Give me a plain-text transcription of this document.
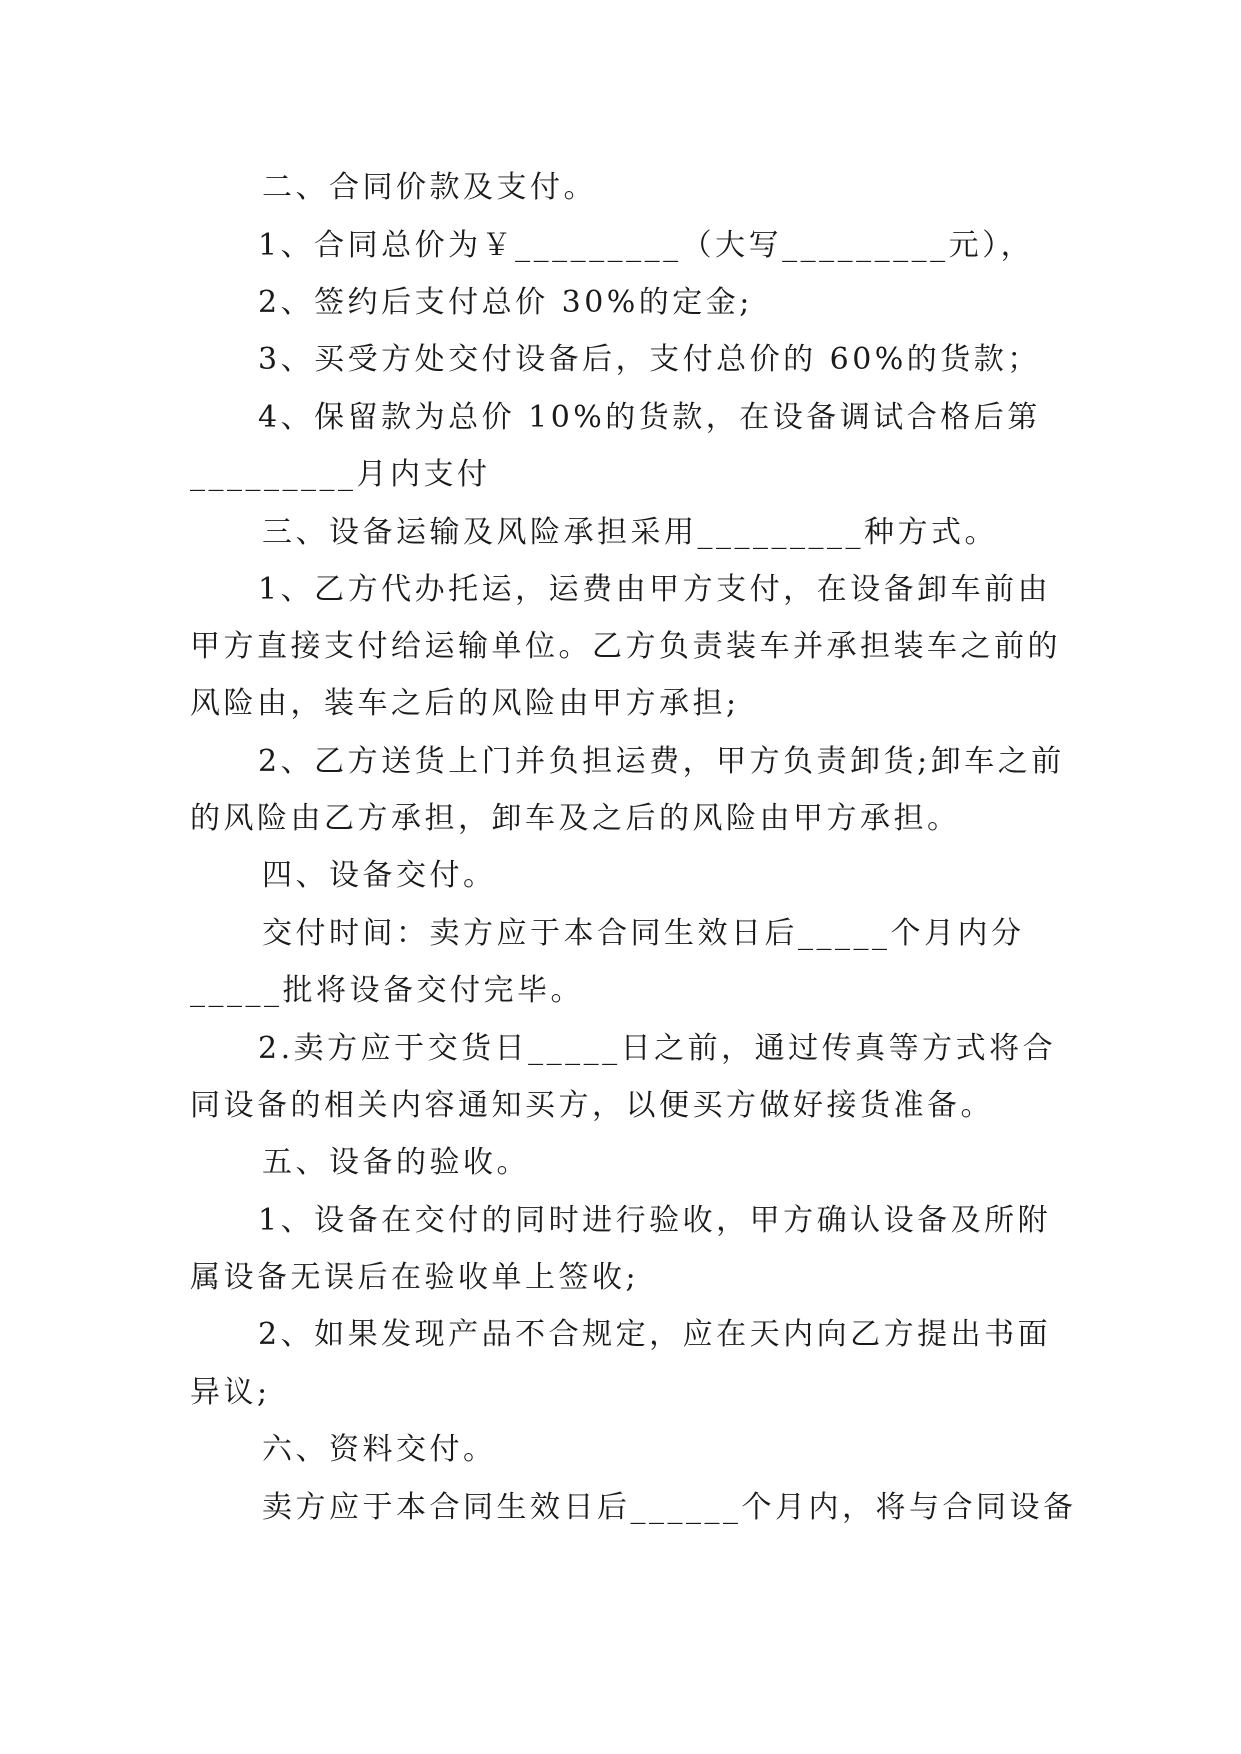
二、合同价款及支付。
1、合同总价为￥_________（大写_________元），
2、签约后支付总价 30%的定金;
3、买受方处交付设备后，支付总价的 60%的货款；
4、保留款为总价 10%的货款，在设备调试合格后第
_________月内支付
三、设备运输及风险承担采用_________种方式。
1、乙方代办托运，运费由甲方支付，在设备卸车前由
甲方直接支付给运输单位。乙方负责装车并承担装车之前的
风险由，装车之后的风险由甲方承担;
2、乙方送货上门并负担运费，甲方负责卸货;卸车之前
的风险由乙方承担，卸车及之后的风险由甲方承担。
四、设备交付。
交付时间：卖方应于本合同生效日后_____个月内分
_____批将设备交付完毕。
2.卖方应于交货日_____日之前，通过传真等方式将合
同设备的相关内容通知买方，以便买方做好接货准备。
五、设备的验收。
1、设备在交付的同时进行验收，甲方确认设备及所附
属设备无误后在验收单上签收;
2、如果发现产品不合规定，应在天内向乙方提出书面
异议;
六、资料交付。
卖方应于本合同生效日后______个月内，将与合同设备
